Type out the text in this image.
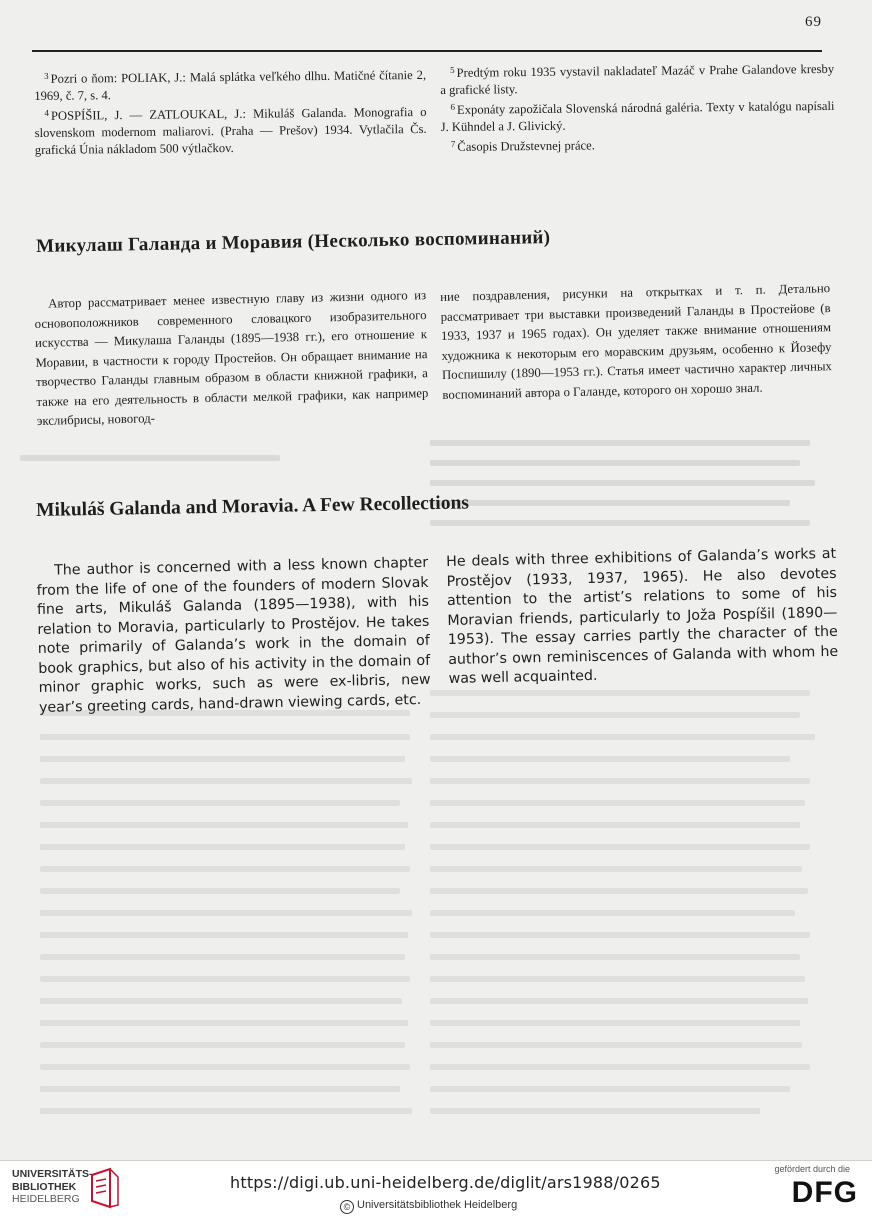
69

$^3$ Pozri o ňom: POLIAK, J.: Malá splátka veľkého dlhu. Matičné čítanie 2, 1969, č. 7, s. 4.

$^4$ POSPÍŠIL, J. — ZATLOUKAL, J.: Mikuláš Galanda. Monografia o slovenskom modernom maliarovi. (Praha — Prešov) 1934. Vytlačila Čs. grafická Únia nákladom 500 výtlačkov.

$^5$ Predtým roku 1935 vystavil nakladateľ Mazáč v Prahe Galandove kresby a grafické listy.

$^6$ Exponáty zapožičala Slovenská národná galéria. Texty v katalógu napísali J. Kühndel a J. Glivický.

$^7$ Časopis Družstevnej práce.

Микулаш Галанда и Моравия (Несколько воспоминаний)

Автор рассматривает менее известную главу из жизни одного из основоположников современного словацкого изобразительного искусства — Микулаша Галанды (1895—1938 гг.), его отношение к Моравии, в частности к городу Простейов. Он обращает внимание на творчество Галанды главным образом в области книжной графики, а также на его деятельность в области мелкой графики, как например экслибрисы, новогод-

ние поздравления, рисунки на открытках и т. п. Детально рассматривает три выставки произведений Галанды в Простейове (в 1933, 1937 и 1965 годах). Он уделяет также внимание отношениям художника к некоторым его моравским друзьям, особенно к Йозефу Поспишилу (1890—1953 гг.). Статья имеет частично характер личных воспоминаний автора о Галанде, которого он хорошо знал.

Mikuláš Galanda and Moravia. A Few Recollections

The author is concerned with a less known chapter from the life of one of the founders of modern Slovak fine arts, Mikuláš Galanda (1895—1938), with his relation to Moravia, particularly to Prostějov. He takes note primarily of Galanda’s work in the domain of book graphics, but also of his activity in the domain of minor graphic works, such as were ex-libris, new year’s greeting cards, hand-drawn viewing cards, etc.

He deals with three exhibitions of Galanda’s works at Prostějov (1933, 1937, 1965). He also devotes attention to the artist’s relations to some of his Moravian friends, particularly to Joža Pospíšil (1890—1953). The essay carries partly the character of the author’s own reminiscences of Galanda with whom he was well acquainted.

UNIVERSITÄTS-
BIBLIOTHEK
HEIDELBERG
https://digi.ub.uni-heidelberg.de/diglit/ars1988/0265
© Universitätsbibliothek Heidelberg
gefördert durch die
DFG
